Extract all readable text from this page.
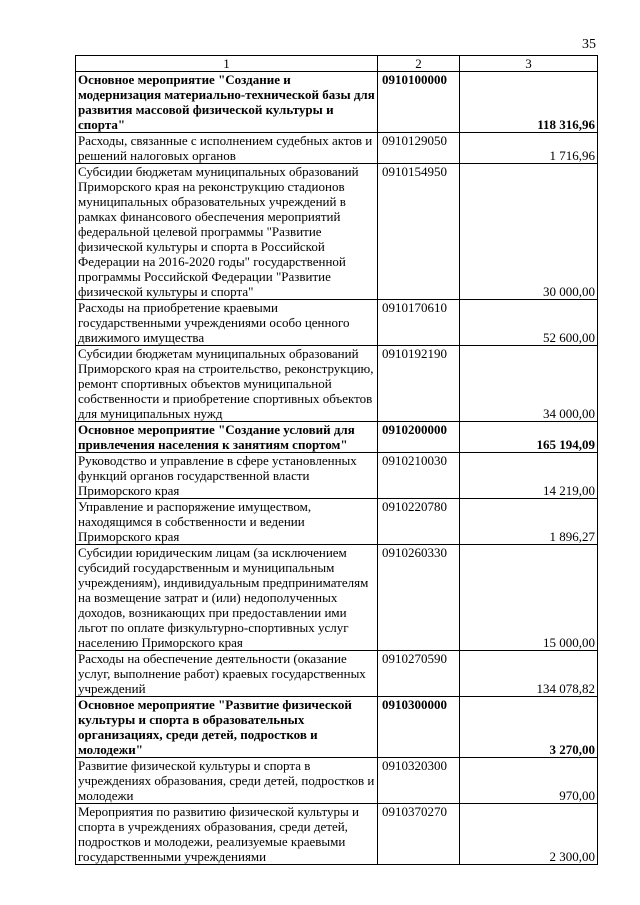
35
1	2	3
Основное мероприятие "Создание и модернизация материально-технической базы для развития массовой физической культуры и спорта"	0910100000	118 316,96
Расходы, связанные с исполнением судебных актов и решений налоговых органов	0910129050	1 716,96
Субсидии бюджетам муниципальных образований Приморского края на реконструкцию стадионов муниципальных образовательных учреждений в рамках финансового обеспечения мероприятий федеральной целевой программы "Развитие физической культуры и спорта в Российской Федерации на 2016-2020 годы" государственной программы Российской Федерации "Развитие физической культуры и спорта"	0910154950	30 000,00
Расходы на приобретение краевыми государственными учреждениями особо ценного движимого имущества	0910170610	52 600,00
Субсидии бюджетам муниципальных образований Приморского края на строительство, реконструкцию, ремонт спортивных объектов муниципальной собственности и приобретение спортивных объектов для муниципальных нужд	0910192190	34 000,00
Основное мероприятие "Создание условий для привлечения населения к занятиям спортом"	0910200000	165 194,09
Руководство и управление в сфере установленных функций органов государственной власти Приморского края	0910210030	14 219,00
Управление и распоряжение имуществом, находящимся в собственности и ведении Приморского края	0910220780	1 896,27
Субсидии юридическим лицам (за исключением субсидий государственным и муниципальным учреждениям), индивидуальным предпринимателям на возмещение затрат и (или) недополученных доходов, возникающих при предоставлении ими льгот по оплате физкультурно-спортивных услуг населению Приморского края	0910260330	15 000,00
Расходы на обеспечение деятельности (оказание услуг, выполнение работ) краевых государственных учреждений	0910270590	134 078,82
Основное мероприятие "Развитие физической культуры и спорта в образовательных организациях, среди детей, подростков и молодежи"	0910300000	3 270,00
Развитие физической культуры и спорта в учреждениях образования, среди детей, подростков и молодежи	0910320300	970,00
Мероприятия по развитию физической культуры и спорта в учреждениях образования, среди детей, подростков и молодежи, реализуемые краевыми государственными учреждениями	0910370270	2 300,00
